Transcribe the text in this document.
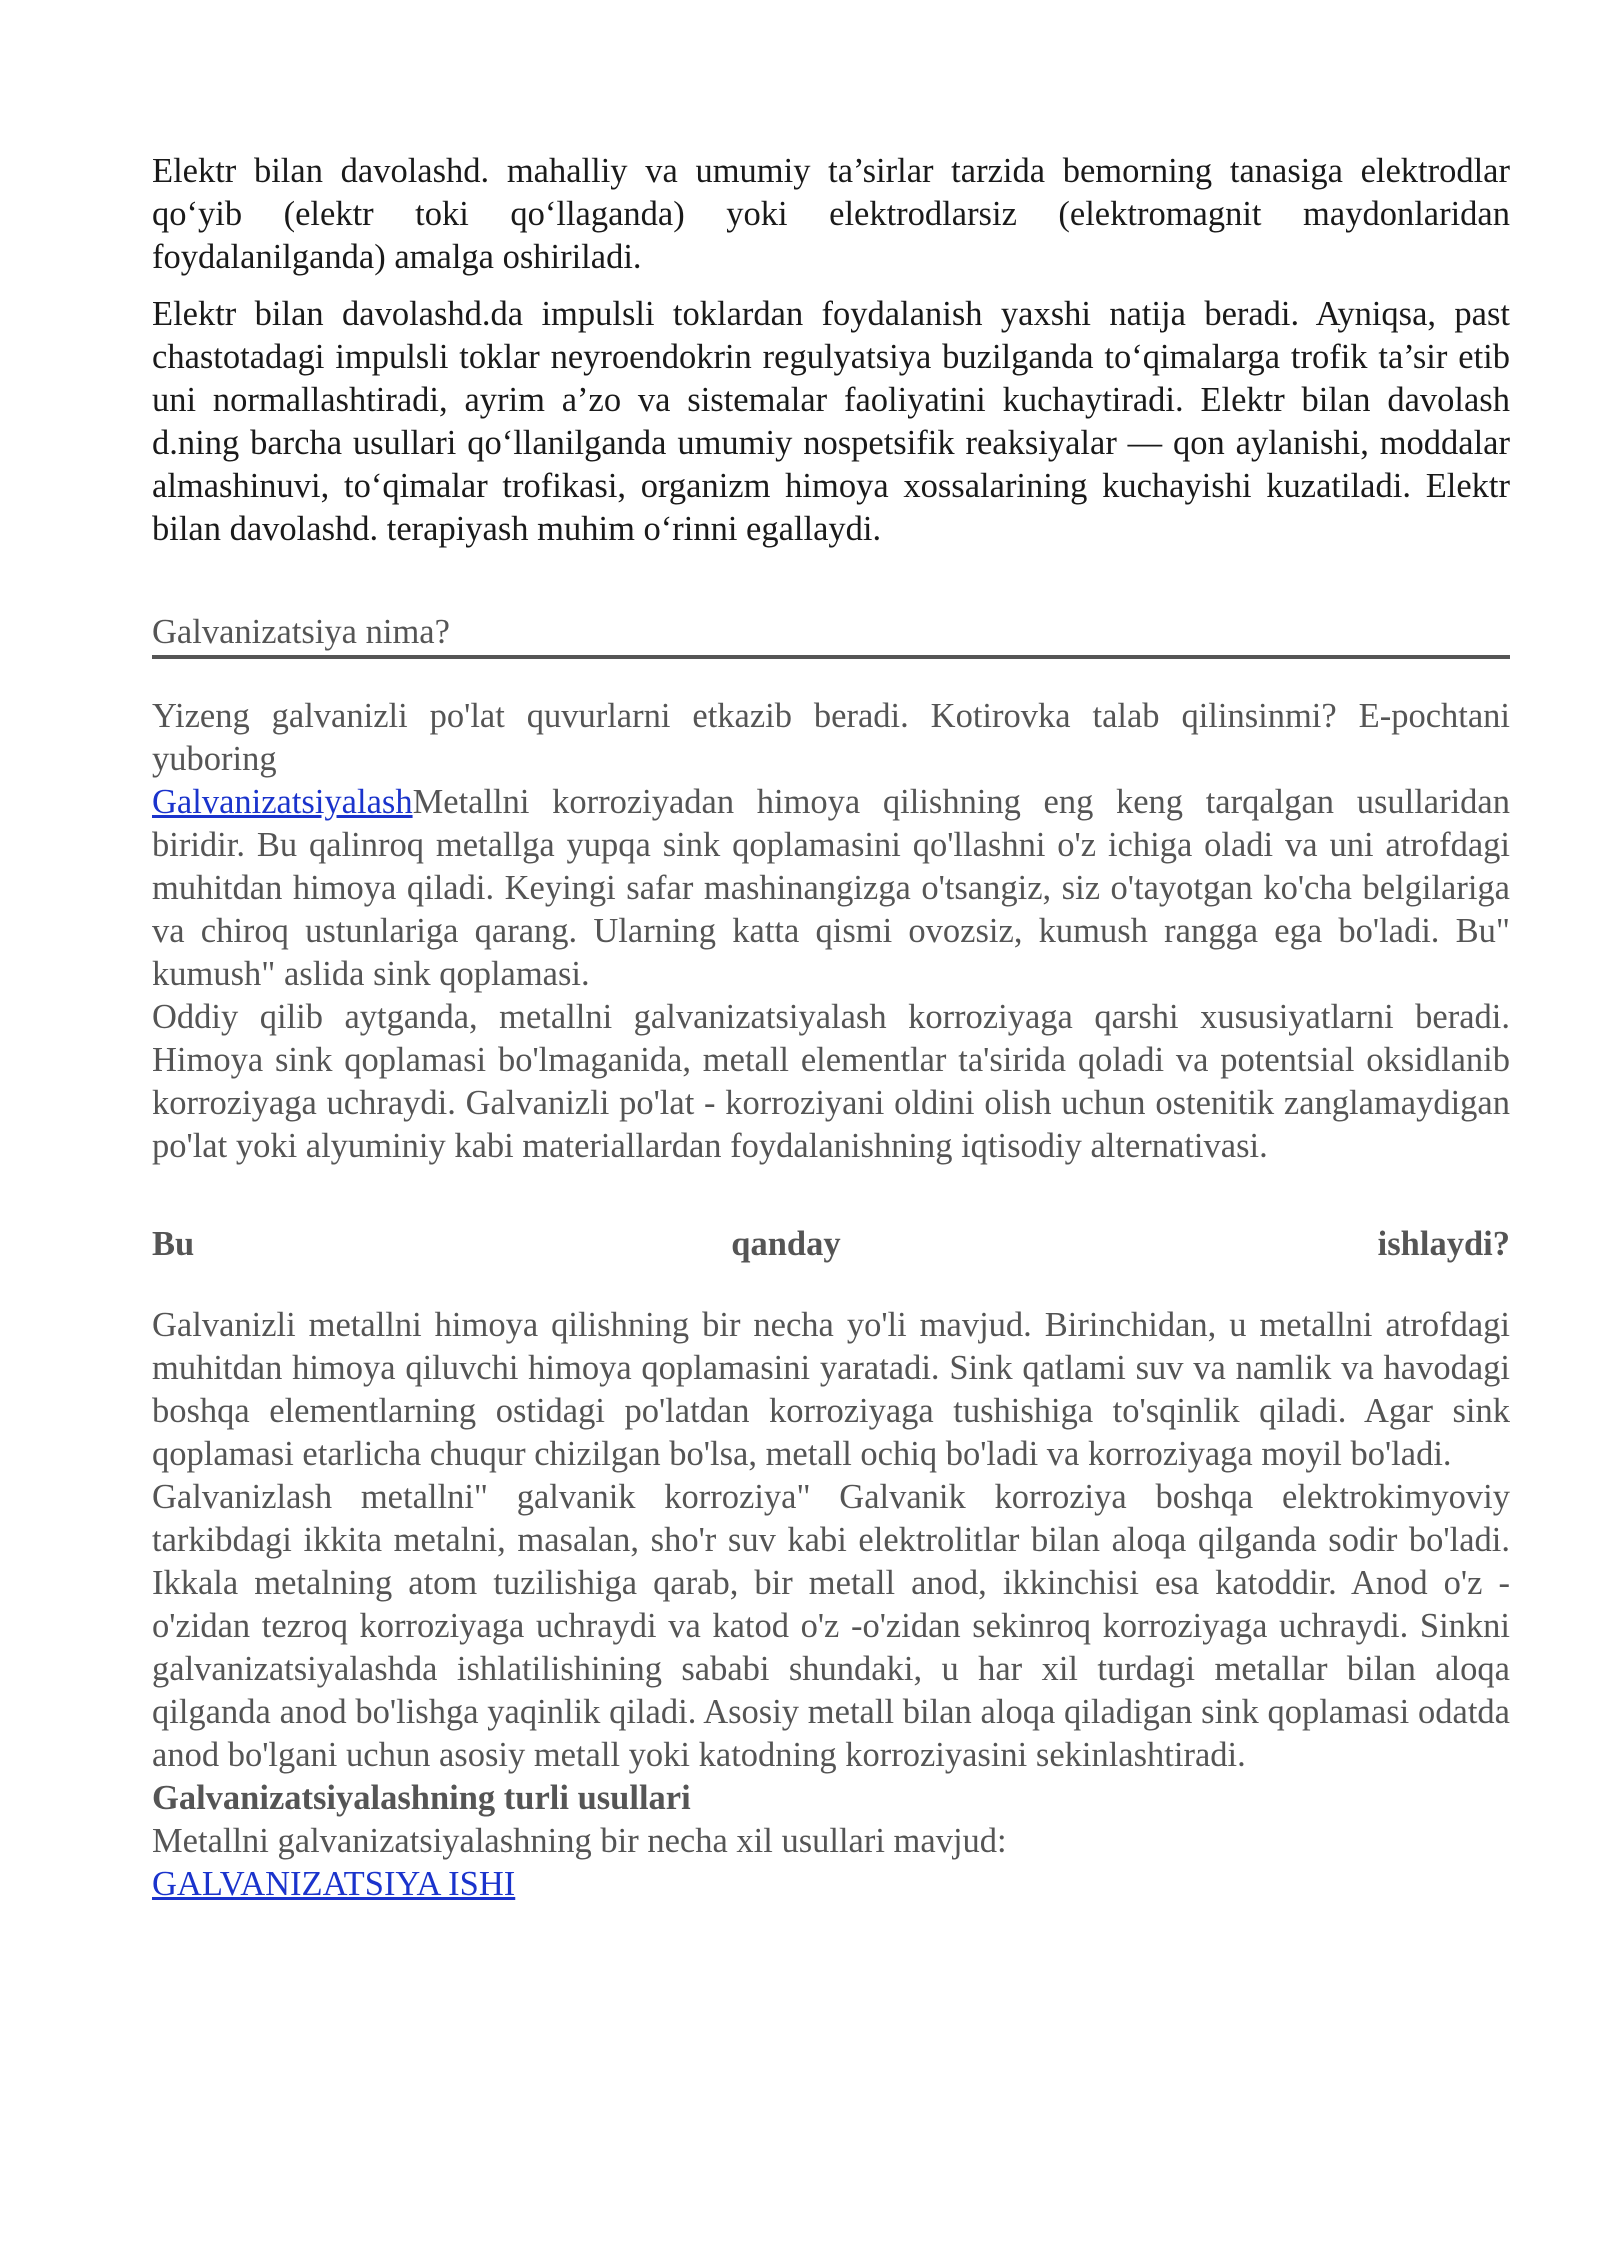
Elektr bilan davolashd. mahalliy va umumiy ta’sirlar tarzida bemorning tanasiga elektrodlar qo‘yib (elektr toki qo‘llaganda) yoki elektrodlarsiz (elektromagnit maydonlaridan foydalanilganda) amalga oshiriladi.

Elektr bilan davolashd.da impulsli toklardan foydalanish yaxshi natija beradi. Ayniqsa, past chastotadagi impulsli toklar neyroendokrin regulyatsiya buzilganda to‘qimalarga trofik ta’sir etib uni normallashtiradi, ayrim a’zo va sistemalar faoliyatini kuchaytiradi. Elektr bilan davolash d.ning barcha usullari qo‘llanilganda umumiy nospetsifik reaksiyalar — qon aylanishi, moddalar almashinuvi, to‘qimalar trofikasi, organizm himoya xossalarining kuchayishi kuzatiladi. Elektr bilan davolashd. terapiyash muhim o‘rinni egallaydi.

Galvanizatsiya nima?

Yizeng galvanizli po'lat quvurlarni etkazib beradi. Kotirovka talab qilinsinmi? E-pochtani yuboring

GalvanizatsiyalashMetallni korroziyadan himoya qilishning eng keng tarqalgan usullaridan biridir. Bu qalinroq metallga yupqa sink qoplamasini qo'llashni o'z ichiga oladi va uni atrofdagi muhitdan himoya qiladi. Keyingi safar mashinangizga o'tsangiz, siz o'tayotgan ko'cha belgilariga va chiroq ustunlariga qarang. Ularning katta qismi ovozsiz, kumush rangga ega bo'ladi. Bu" kumush" aslida sink qoplamasi.

Oddiy qilib aytganda, metallni galvanizatsiyalash korroziyaga qarshi xususiyatlarni beradi. Himoya sink qoplamasi bo'lmaganida, metall elementlar ta'sirida qoladi va potentsial oksidlanib korroziyaga uchraydi. Galvanizli po'lat - korroziyani oldini olish uchun ostenitik zanglamaydigan po'lat yoki alyuminiy kabi materiallardan foydalanishning iqtisodiy alternativasi.

Bu	qanday	ishlaydi?

Galvanizli metallni himoya qilishning bir necha yo'li mavjud. Birinchidan, u metallni atrofdagi muhitdan himoya qiluvchi himoya qoplamasini yaratadi. Sink qatlami suv va namlik va havodagi boshqa elementlarning ostidagi po'latdan korroziyaga tushishiga to'sqinlik qiladi. Agar sink qoplamasi etarlicha chuqur chizilgan bo'lsa, metall ochiq bo'ladi va korroziyaga moyil bo'ladi.

Galvanizlash metallni" galvanik korroziya" Galvanik korroziya boshqa elektrokimyoviy tarkibdagi ikkita metalni, masalan, sho'r suv kabi elektrolitlar bilan aloqa qilganda sodir bo'ladi. Ikkala metalning atom tuzilishiga qarab, bir metall anod, ikkinchisi esa katoddir. Anod o'z -o'zidan tezroq korroziyaga uchraydi va katod o'z -o'zidan sekinroq korroziyaga uchraydi. Sinkni galvanizatsiyalashda ishlatilishining sababi shundaki, u har xil turdagi metallar bilan aloqa qilganda anod bo'lishga yaqinlik qiladi. Asosiy metall bilan aloqa qiladigan sink qoplamasi odatda anod bo'lgani uchun asosiy metall yoki katodning korroziyasini sekinlashtiradi.

Galvanizatsiyalashning turli usullari
Metallni galvanizatsiyalashning bir necha xil usullari mavjud:
GALVANIZATSIYA ISHI
